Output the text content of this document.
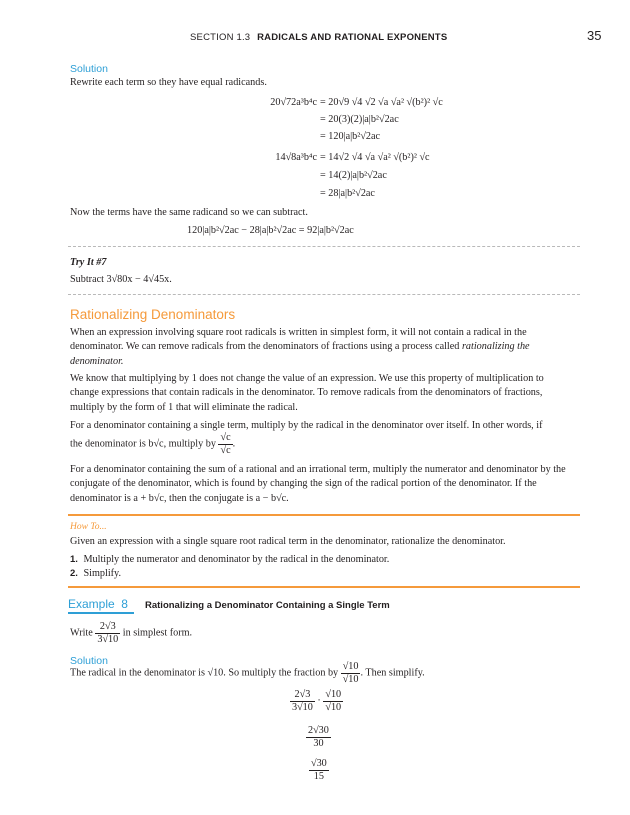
SECTION 1.3 RADICALS AND RATIONAL EXPONENTS	35
Solution
Rewrite each term so they have equal radicands.
20√72a³b⁴c = 20√9 √4 √2 √a √a² √(b²)² √c
= 20(3)(2)|a|b²√2ac
= 120|a|b²√2ac
14√8a³b⁴c = 14√2 √4 √a √a² √(b²)² √c
= 14(2)|a|b²√2ac
= 28|a|b²√2ac
Now the terms have the same radicand so we can subtract.
120|a|b²√2ac − 28|a|b²√2ac = 92|a|b²√2ac
Try It #7
Subtract 3√80x − 4√45x.
Rationalizing Denominators

When an expression involving square root radicals is written in simplest form, it will not contain a radical in the denominator. We can remove radicals from the denominators of fractions using a process called rationalizing the denominator.

We know that multiplying by 1 does not change the value of an expression. We use this property of multiplication to change expressions that contain radicals in the denominator. To remove radicals from the denominators of fractions, multiply by the form of 1 that will eliminate the radical.

For a denominator containing a single term, multiply by the radical in the denominator over itself. In other words, if

the denominator is b√c, multiply by $\frac{√c}{√c}$ .

For a denominator containing the sum of a rational and an irrational term, multiply the numerator and denominator by the conjugate of the denominator, which is found by changing the sign of the radical portion of the denominator. If the denominator is a + b√c, then the conjugate is a − b√c.

How To...
Given an expression with a single square root radical term in the denominator, rationalize the denominator.
1. Multiply the numerator and denominator by the radical in the denominator.
2. Simplify.
Example 8	Rationalizing a Denominator Containing a Single Term
Write $\frac{2√3}{3√10}$ in simplest form.
Solution
The radical in the denominator is √10. So multiply the fraction by $\frac{√10}{√10}$ . Then simplify.
$\frac{2√3}{3√10} \cdot \frac{√10}{√10}$
$\frac{2√30}{30}$
$\frac{√30}{15}$
